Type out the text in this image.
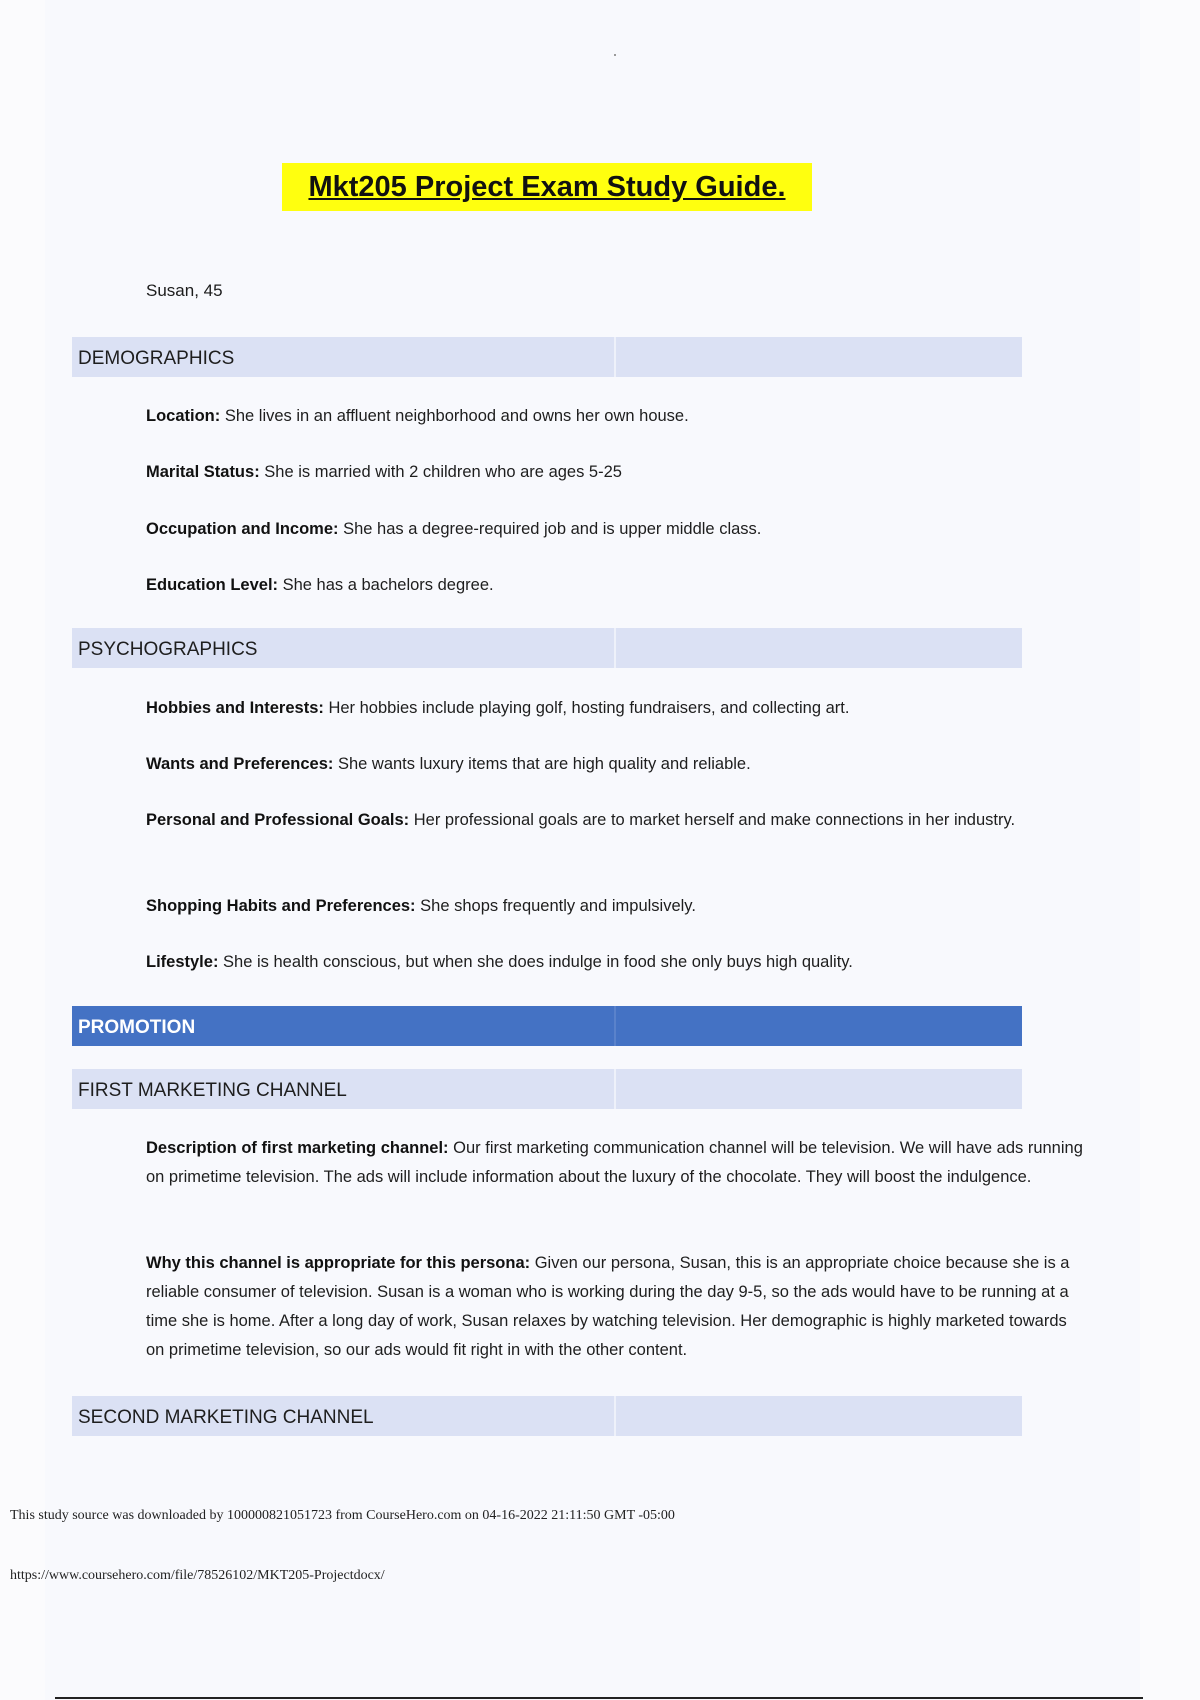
Mkt205 Project Exam Study Guide.
Susan, 45
DEMOGRAPHICS
Location: She lives in an affluent neighborhood and owns her own house.
Marital Status: She is married with 2 children who are ages 5-25
Occupation and Income: She has a degree-required job and is upper middle class.
Education Level: She has a bachelors degree.
PSYCHOGRAPHICS
Hobbies and Interests: Her hobbies include playing golf, hosting fundraisers, and collecting art.
Wants and Preferences: She wants luxury items that are high quality and reliable.
Personal and Professional Goals: Her professional goals are to market herself and make connections in her industry.
Shopping Habits and Preferences: She shops frequently and impulsively.
Lifestyle: She is health conscious, but when she does indulge in food she only buys high quality.
PROMOTION
FIRST MARKETING CHANNEL
Description of first marketing channel: Our first marketing communication channel will be television. We will have ads running on primetime television. The ads will include information about the luxury of the chocolate. They will boost the indulgence.
Why this channel is appropriate for this persona: Given our persona, Susan, this is an appropriate choice because she is a reliable consumer of television. Susan is a woman who is working during the day 9-5, so the ads would have to be running at a time she is home. After a long day of work, Susan relaxes by watching television. Her demographic is highly marketed towards on primetime television, so our ads would fit right in with the other content.
SECOND MARKETING CHANNEL
This study source was downloaded by 100000821051723 from CourseHero.com on 04-16-2022 21:11:50 GMT -05:00
https://www.coursehero.com/file/78526102/MKT205-Projectdocx/
